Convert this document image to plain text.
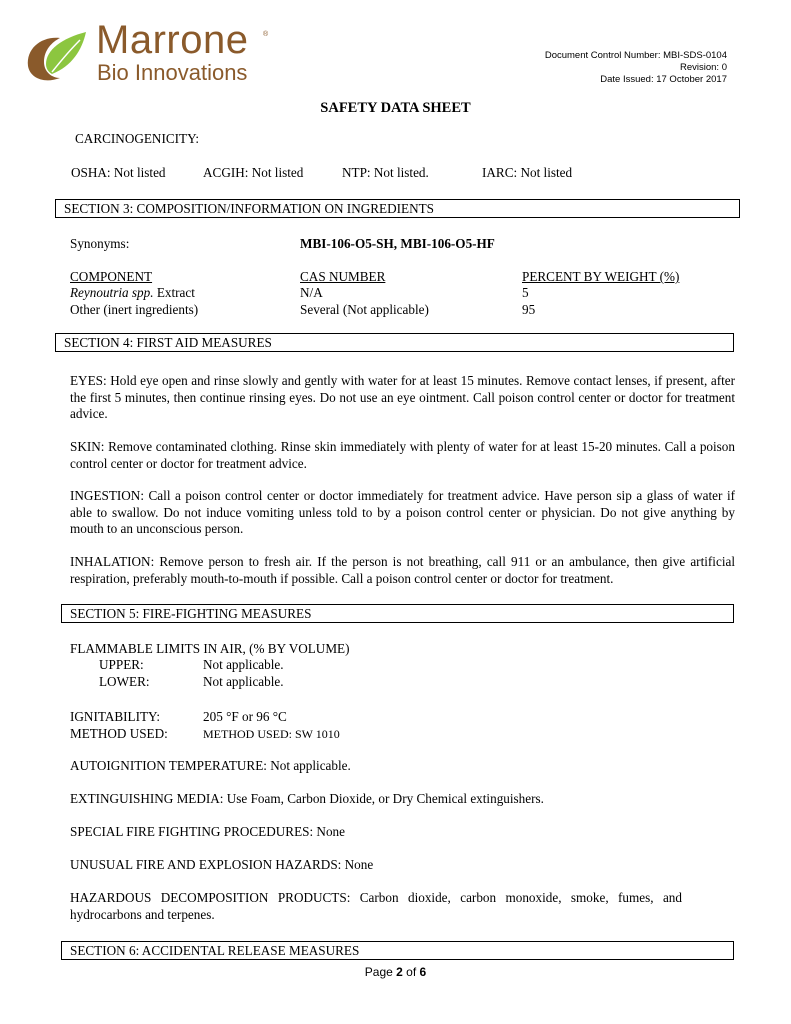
Marrone ®
Bio Innovations
Document Control Number: MBI-SDS-0104
Revision: 0
Date Issued: 17 October 2017
SAFETY DATA SHEET
CARCINOGENICITY:
OSHA: Not listed	ACGIH: Not listed	NTP: Not listed.	IARC: Not listed
SECTION 3: COMPOSITION/INFORMATION ON INGREDIENTS
Synonyms:	MBI-106-O5-SH, MBI-106-O5-HF
COMPONENT	CAS NUMBER	PERCENT BY WEIGHT (%)
Reynoutria spp. Extract	N/A	5
Other (inert ingredients)	Several (Not applicable)	95
SECTION 4: FIRST AID MEASURES
EYES: Hold eye open and rinse slowly and gently with water for at least 15 minutes. Remove contact lenses, if present, after the first 5 minutes, then continue rinsing eyes. Do not use an eye ointment. Call poison control center or doctor for treatment advice.
SKIN: Remove contaminated clothing. Rinse skin immediately with plenty of water for at least 15-20 minutes. Call a poison control center or doctor for treatment advice.
INGESTION: Call a poison control center or doctor immediately for treatment advice. Have person sip a glass of water if able to swallow. Do not induce vomiting unless told to by a poison control center or physician. Do not give anything by mouth to an unconscious person.
INHALATION: Remove person to fresh air. If the person is not breathing, call 911 or an ambulance, then give artificial respiration, preferably mouth-to-mouth if possible. Call a poison control center or doctor for treatment.
SECTION 5: FIRE-FIGHTING MEASURES
FLAMMABLE LIMITS IN AIR, (% BY VOLUME)
UPPER:	Not applicable.
LOWER:	Not applicable.
IGNITABILITY:	205 °F or 96 °C
METHOD USED:	METHOD USED: SW 1010
AUTOIGNITION TEMPERATURE: Not applicable.
EXTINGUISHING MEDIA: Use Foam, Carbon Dioxide, or Dry Chemical extinguishers.
SPECIAL FIRE FIGHTING PROCEDURES: None
UNUSUAL FIRE AND EXPLOSION HAZARDS: None
HAZARDOUS DECOMPOSITION PRODUCTS: Carbon dioxide, carbon monoxide, smoke, fumes, and hydrocarbons and terpenes.
SECTION 6: ACCIDENTAL RELEASE MEASURES
Page 2 of 6
